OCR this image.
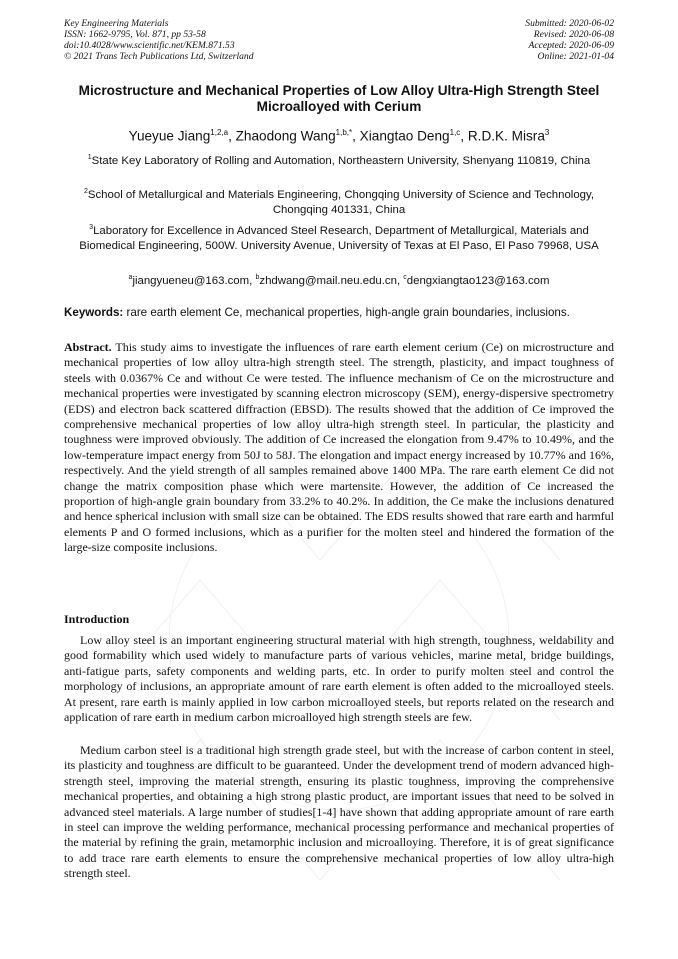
Key Engineering Materials
ISSN: 1662-9795, Vol. 871, pp 53-58
doi:10.4028/www.scientific.net/KEM.871.53
© 2021 Trans Tech Publications Ltd, Switzerland
Submitted: 2020-06-02
Revised: 2020-06-08
Accepted: 2020-06-09
Online: 2021-01-04
Microstructure and Mechanical Properties of Low Alloy Ultra-High Strength Steel Microalloyed with Cerium
Yueyue Jiang$^{1,2,a}$, Zhaodong Wang$^{1,b,*}$, Xiangtao Deng$^{1,c}$, R.D.K. Misra$^3$
$^1$State Key Laboratory of Rolling and Automation, Northeastern University, Shenyang 110819, China
$^2$School of Metallurgical and Materials Engineering, Chongqing University of Science and Technology, Chongqing 401331, China
$^3$Laboratory for Excellence in Advanced Steel Research, Department of Metallurgical, Materials and Biomedical Engineering, 500W. University Avenue, University of Texas at El Paso, El Paso 79968, USA
$^a$jiangyueneu@163.com, $^b$zhdwang@mail.neu.edu.cn, $^c$dengxiangtao123@163.com
Keywords: rare earth element Ce, mechanical properties, high-angle grain boundaries, inclusions.
Abstract. This study aims to investigate the influences of rare earth element cerium (Ce) on microstructure and mechanical properties of low alloy ultra-high strength steel. The strength, plasticity, and impact toughness of steels with 0.0367% Ce and without Ce were tested. The influence mechanism of Ce on the microstructure and mechanical properties were investigated by scanning electron microscopy (SEM), energy-dispersive spectrometry (EDS) and electron back scattered diffraction (EBSD). The results showed that the addition of Ce improved the comprehensive mechanical properties of low alloy ultra-high strength steel. In particular, the plasticity and toughness were improved obviously. The addition of Ce increased the elongation from 9.47% to 10.49%, and the low-temperature impact energy from 50J to 58J. The elongation and impact energy increased by 10.77% and 16%, respectively. And the yield strength of all samples remained above 1400 MPa. The rare earth element Ce did not change the matrix composition phase which were martensite. However, the addition of Ce increased the proportion of high-angle grain boundary from 33.2% to 40.2%. In addition, the Ce make the inclusions denatured and hence spherical inclusion with small size can be obtained. The EDS results showed that rare earth and harmful elements P and O formed inclusions, which as a purifier for the molten steel and hindered the formation of the large-size composite inclusions.
Introduction
Low alloy steel is an important engineering structural material with high strength, toughness, weldability and good formability which used widely to manufacture parts of various vehicles, marine metal, bridge buildings, anti-fatigue parts, safety components and welding parts, etc. In order to purify molten steel and control the morphology of inclusions, an appropriate amount of rare earth element is often added to the microalloyed steels. At present, rare earth is mainly applied in low carbon microalloyed steels, but reports related on the research and application of rare earth in medium carbon microalloyed high strength steels are few.
Medium carbon steel is a traditional high strength grade steel, but with the increase of carbon content in steel, its plasticity and toughness are difficult to be guaranteed. Under the development trend of modern advanced high-strength steel, improving the material strength, ensuring its plastic toughness, improving the comprehensive mechanical properties, and obtaining a high strong plastic product, are important issues that need to be solved in advanced steel materials. A large number of studies[1-4] have shown that adding appropriate amount of rare earth in steel can improve the welding performance, mechanical processing performance and mechanical properties of the material by refining the grain, metamorphic inclusion and microalloying. Therefore, it is of great significance to add trace rare earth elements to ensure the comprehensive mechanical properties of low alloy ultra-high strength steel.
